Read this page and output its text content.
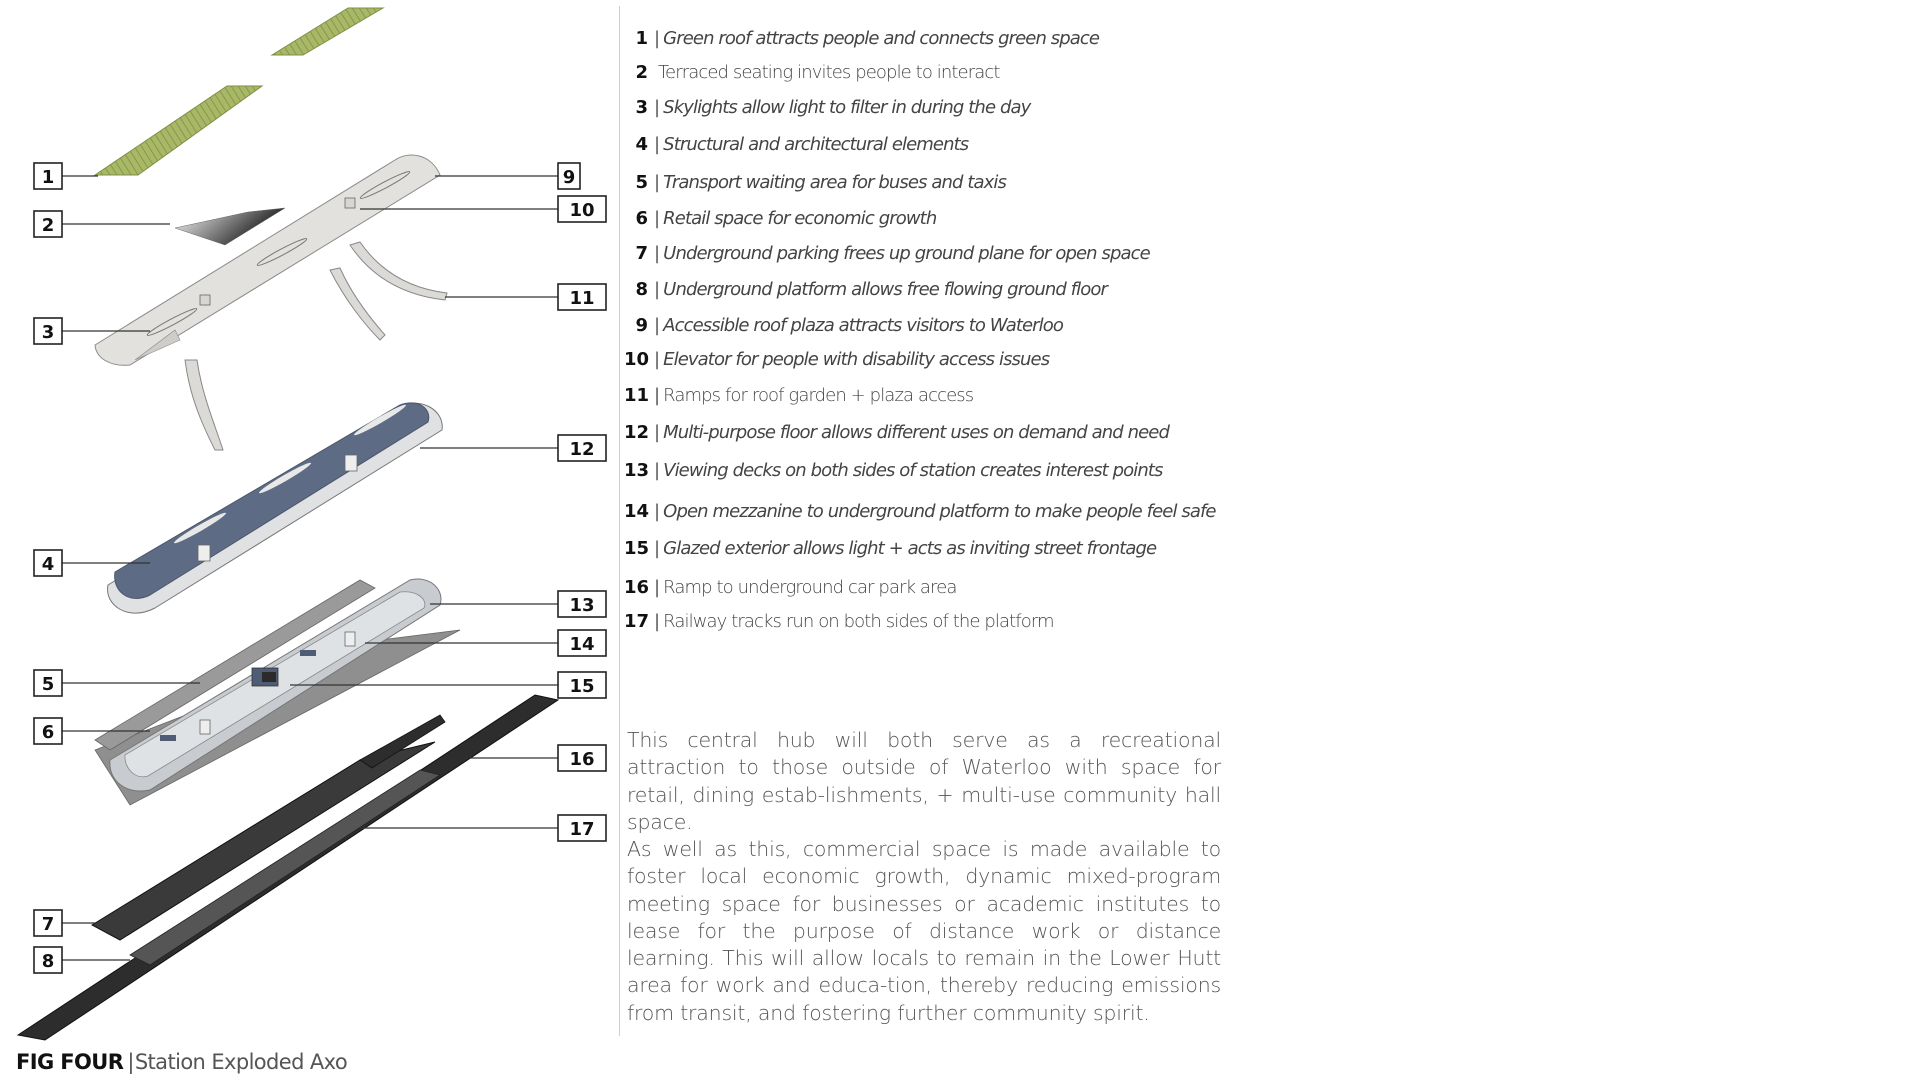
1
2
3
4
5
6
7
8
9
10
11
12
13
14
15
16
17
1 | Green roof attracts people and connects green space
2 Terraced seating invites people to interact
3 | Skylights allow light to filter in during the day
4 | Structural and architectural elements
5 | Transport waiting area for buses and taxis
6 | Retail space for economic growth
7 | Underground parking frees up ground plane for open space
8 | Underground platform allows free flowing ground floor
9 | Accessible roof plaza attracts visitors to Waterloo
10 | Elevator for people with disability access issues
11 | Ramps for roof garden + plaza access
12 | Multi-purpose floor allows different uses on demand and need
13 | Viewing decks on both sides of station creates interest points
14 | Open mezzanine to underground platform to make people feel safe
15 | Glazed exterior allows light + acts as inviting street frontage
16 | Ramp to underground car park area
17 | Railway tracks run on both sides of the platform

This central hub will both serve as a recreational attraction to those outside of Waterloo with space for retail, dining estab-lishments, + multi-use community hall space.

As well as this, commercial space is made available to foster local economic growth, dynamic mixed-program meeting space for businesses or academic institutes to lease for the purpose of distance work or distance learning. This will allow locals to remain in the Lower Hutt area for work and educa-tion, thereby reducing emissions from transit, and fostering further community spirit.

FIG FOUR |Station Exploded Axo
